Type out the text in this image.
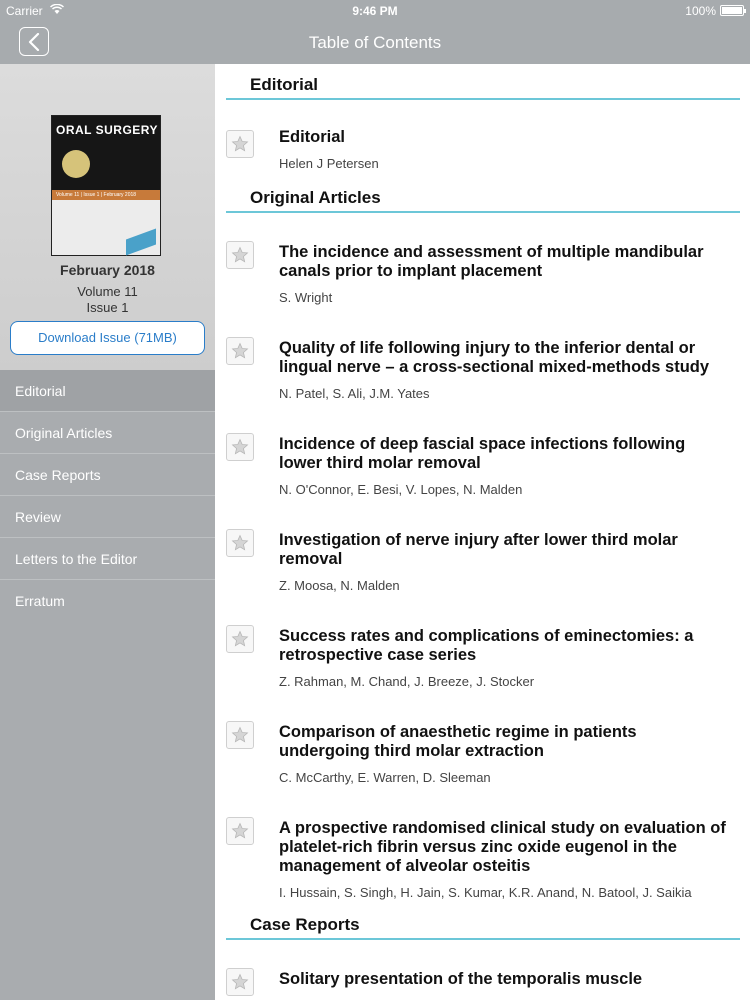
Carrier	9:46 PM	100%
Table of Contents
ORAL SURGERY
Volume 11 | Issue 1 | February 2018
February 2018
Volume 11
Issue 1
Download Issue (71MB)
Editorial
Original Articles
Case Reports
Review
Letters to the Editor
Erratum
Editorial
Editorial
Helen J Petersen
Original Articles
The incidence and assessment of multiple mandibular canals prior to implant placement
S. Wright
Quality of life following injury to the inferior dental or lingual nerve – a cross-sectional mixed-methods study
N. Patel, S. Ali, J.M. Yates
Incidence of deep fascial space infections following lower third molar removal
N. O'Connor, E. Besi, V. Lopes, N. Malden
Investigation of nerve injury after lower third molar removal
Z. Moosa, N. Malden
Success rates and complications of eminectomies: a retrospective case series
Z. Rahman, M. Chand, J. Breeze, J. Stocker
Comparison of anaesthetic regime in patients undergoing third molar extraction
C. McCarthy, E. Warren, D. Sleeman
A prospective randomised clinical study on evaluation of platelet-rich fibrin versus zinc oxide eugenol in the management of alveolar osteitis
I. Hussain, S. Singh, H. Jain, S. Kumar, K.R. Anand, N. Batool, J. Saikia
Case Reports
Solitary presentation of the temporalis muscle
